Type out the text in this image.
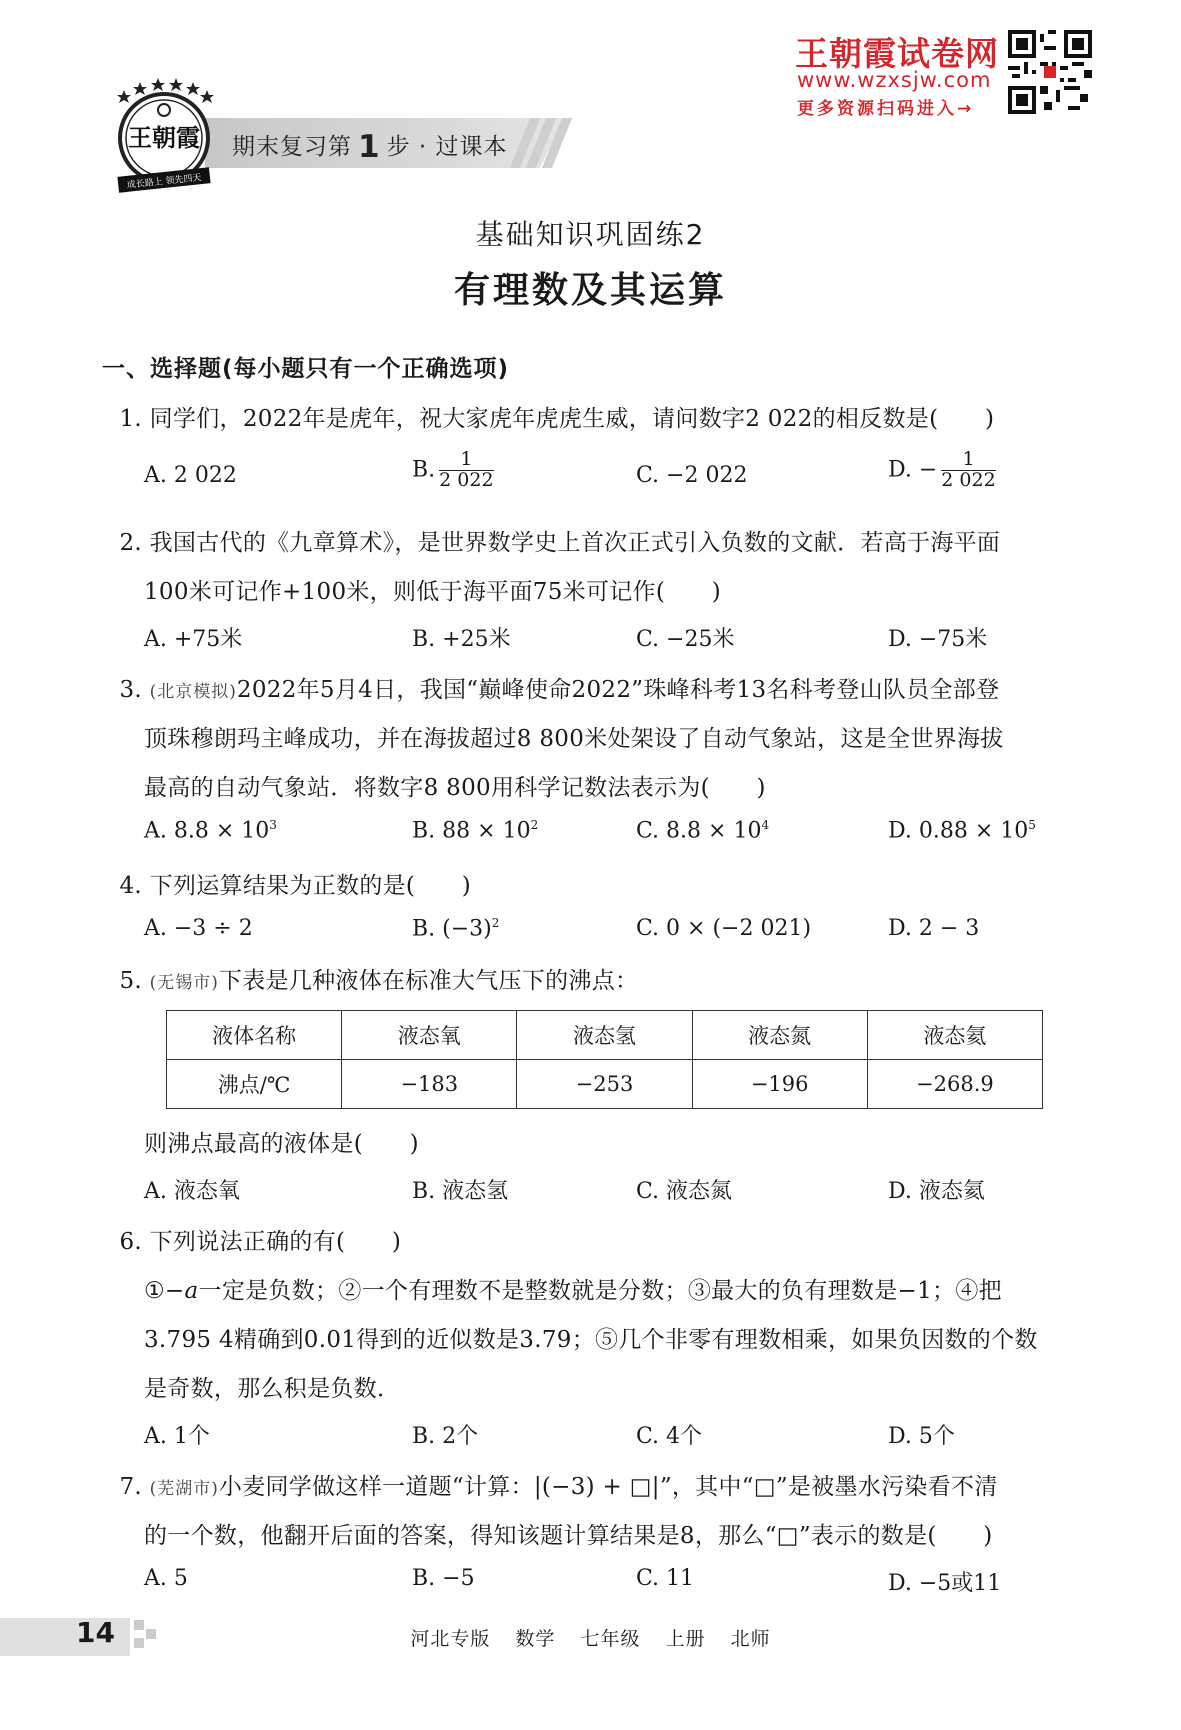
期末复习第 1 步 · 过课本
王朝霞
成长路上 领先四天
王朝霞试卷网
www.wzxsjw.com
更多资源扫码进入→
基础知识巩固练2
有理数及其运算
一、选择题(每小题只有一个正确选项)
1. 同学们，2022年是虎年，祝大家虎年虎虎生威，请问数字2 022的相反数是(　　)
A. 2 022	B. $\frac{1}{2 022}$	C. −2 022	D. − $\frac{1}{2 022}$
2. 我国古代的《九章算术》，是世界数学史上首次正式引入负数的文献．若高于海平面
100米可记作+100米，则低于海平面75米可记作(　　)
A. +75米	B. +25米	C. −25米	D. −75米
3. (北京模拟)2022年5月4日，我国“巅峰使命2022”珠峰科考13名科考登山队员全部登
顶珠穆朗玛主峰成功，并在海拔超过8 800米处架设了自动气象站，这是全世界海拔
最高的自动气象站．将数字8 800用科学记数法表示为(　　)
A. $8.8 \times 10^3$	B. $88 \times 10^2$	C. $8.8 \times 10^4$	D. $0.88 \times 10^5$
4. 下列运算结果为正数的是(　　)
A. −3 ÷ 2	B. $(-3)^2$	C. 0 × (−2 021)	D. 2 − 3
5. (无锡市)下表是几种液体在标准大气压下的沸点：
液体名称	液态氧	液态氢	液态氮	液态氦
沸点/℃	−183	−253	−196	−268.9
则沸点最高的液体是(　　)
A. 液态氧	B. 液态氢	C. 液态氮	D. 液态氦
6. 下列说法正确的有(　　)
①−a一定是负数；②一个有理数不是整数就是分数；③最大的负有理数是−1；④把
3.795 4精确到0.01得到的近似数是3.79；⑤几个非零有理数相乘，如果负因数的个数
是奇数，那么积是负数．
A. 1个	B. 2个	C. 4个	D. 5个
7. (芜湖市)小麦同学做这样一道题“计算：|(−3) + □|”，其中“□”是被墨水污染看不清
的一个数，他翻开后面的答案，得知该题计算结果是8，那么“□”表示的数是(　　)
A. 5	B. −5	C. 11	D. −5或11
14	河北专版 数学 七年级 上册 北师
